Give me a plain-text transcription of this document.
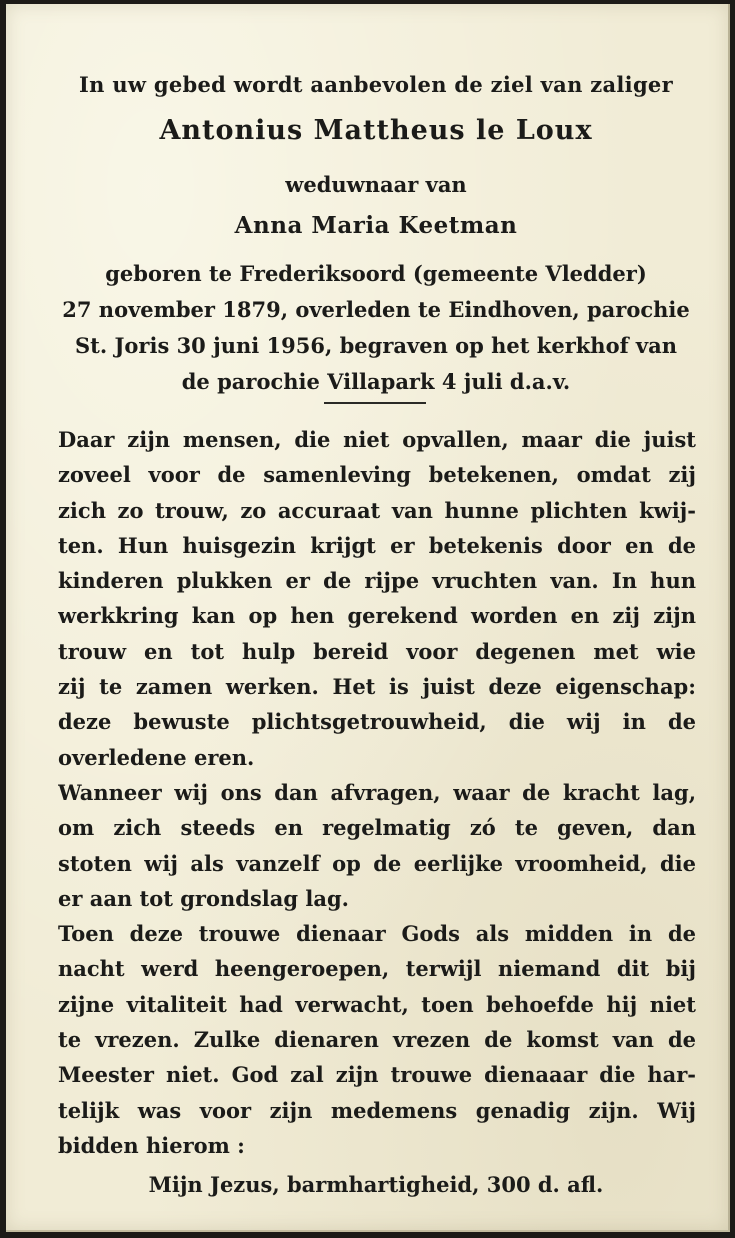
In uw gebed wordt aanbevolen de ziel van zaliger
Antonius Mattheus le Loux
weduwnaar van
Anna Maria Keetman
geboren te Frederiksoord (gemeente Vledder)
27 november 1879, overleden te Eindhoven, parochie
St. Joris 30 juni 1956, begraven op het kerkhof van
de parochie Villapark 4 juli d.a.v.
Daar zijn mensen, die niet opvallen, maar die juist
zoveel voor de samenleving betekenen, omdat zij
zich zo trouw, zo accuraat van hunne plichten kwij-
ten. Hun huisgezin krijgt er betekenis door en de
kinderen plukken er de rijpe vruchten van. In hun
werkkring kan op hen gerekend worden en zij zijn
trouw en tot hulp bereid voor degenen met wie
zij te zamen werken. Het is juist deze eigenschap:
deze bewuste plichtsgetrouwheid, die wij in de
overledene eren.
Wanneer wij ons dan afvragen, waar de kracht lag,
om zich steeds en regelmatig zó te geven, dan
stoten wij als vanzelf op de eerlijke vroomheid, die
er aan tot grondslag lag.
Toen deze trouwe dienaar Gods als midden in de
nacht werd heengeroepen, terwijl niemand dit bij
zijne vitaliteit had verwacht, toen behoefde hij niet
te vrezen. Zulke dienaren vrezen de komst van de
Meester niet. God zal zijn trouwe dienaaar die har-
telijk was voor zijn medemens genadig zijn. Wij
bidden hierom :
Mijn Jezus, barmhartigheid, 300 d. afl.
